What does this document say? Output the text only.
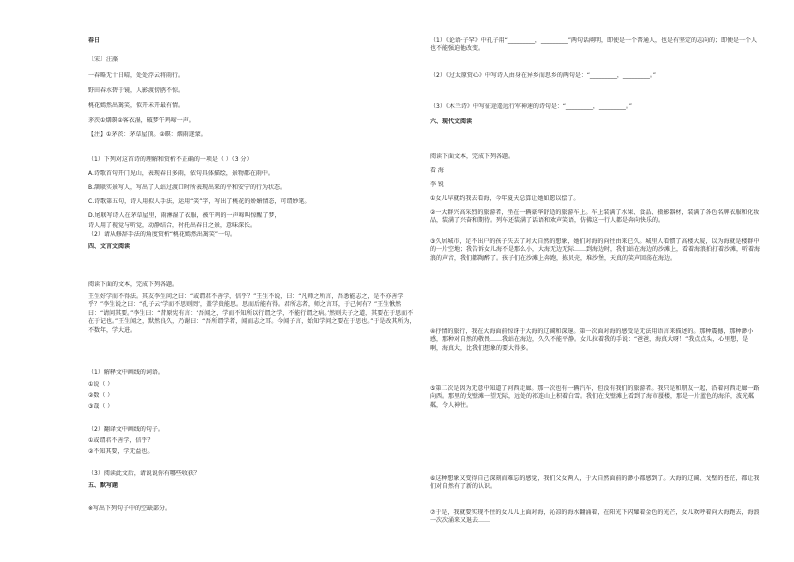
春日
〔宋〕汪藻
一春略无十日晴，处处浮云将雨行。
野田春水碧于镜，人影渡傍鸥不惊。
桃花嫣然出篱笑，似开未开最有情。
茅茨①烟暝②客衣湿，破梦午鸡啼一声。
【注】①茅茨：茅草屋顶。②暝：烟雨迷蒙。
（1）下列对这首诗的理解和赏析不正确的一项是（ ）（3 分）
A.诗歌首句开门见山，表现春日多雨，依句具体描绘，景物都在雨中。
B.颔联实景写人，写出了人站过渡口时所表现出来的平和安宁的行为状态。
C.诗歌第五句，诗人用拟人手法，运用“笑”字，写出了桃花的娇媚情态，可谓妙笔。
D.尾联写诗人在茅草屋里，雨淋湿了衣服，被午鸡的一声啼叫惊醒了梦，
诗人用了视觉与听觉，动静结合，衬托出春日之景，意味深长。
（2）请从修辞手法的角度赏析“桃花嫣然出篱笑”一句。
四、文言文阅读
阅读下面的文本，完成下列各题。
王生好学而不得法。其友李生问之曰：“或谓君不善学，信乎？”王生不说，曰：“凡师之所言，吾悉能志之，是不亦善学乎？”李生说之曰：“孔子云‘学而不思则罔’，盖学贵能思。思而后能有得。君所志者，师之言耳，于己何有？”王生愀然曰：“请问其要。”李生曰：“昔原宪有言：‘吾闻之，学而不知所以行谓之学，不能行谓之病。’然则夫子之道，其要在于思而不在于记也。”王生闻之，默然良久，乃谢曰：“吾所谓学者，闻而志之耳。今闻子言，始知学问之要在于思也。”于是改其所为，不数年，学大进。
（1）解释文中画线的词语。
①说（ ）
②数（ ）
③哉（ ）
（2）翻译文中画线的句子。
①或谓君不善学，信乎？
②不知其要，学无益也。
（3）阅读此文后，请说说你有哪些收获？
五、默写题
※写出下列句子中的空缺部分。
（1）《论语·子罕》中孔子用“_________，_________”两句话阐明，即使是一个普通人，也是有坚定的志向的；即便是一个人也不能强迫他改变。
（2）《过太原赏心》中写诗人由身在异乡而思乡的两句是：“_________，_________。”
（3）《木兰诗》中写征途遥远行军神速的诗句是：“_________，_________。”
六、现代文阅读
阅读下面文本，完成下列各题。
看 海
李 锐
①女儿早就约我去看海，今年夏天总算让她如愿以偿了。
②一大群兴高采烈的旅游者，坐在一辆豪华舒适的旅游车上。车上装满了水果、食品、摄影器材，装满了各色名牌衣服和化妆品，装满了兴奋和期待。列车还装满了话语和欢声笑语，仿佛这一行人都是奔向快乐的。
③久居城市，足不出户的孩子失去了对大自然的想象，她们对海的向往由来已久。城里人看惯了高楼大厦，以为海就是楼群中的一片空地；我告诉女儿海不是那么小，大海无边无际……到海边时，我们站在海边的沙滩上，看着海浪拍打着沙滩，听着海浪的声音，我们都陶醉了。孩子们在沙滩上奔跑，拣贝壳，堆沙堡，天真的笑声回荡在海边。
④抒情的旅行，我在大海面前惊讶于大海的辽阔和深邃。第一次面对海的感受是无法用语言来描述的。那种震撼，那种渺小感，那种对自然的敬畏……我站在海边，久久不能平静。女儿拉着我的手说：“爸爸，海真大呀！”我点点头，心里想，是啊，海真大，比我们想象的要大得多。
⑤第二次是因为无意中知道了河西走廊。那一次也有一辆汽车，但没有我们的旅游者。我只是和朋友一起，沿着河西走廊一路向西。那里的戈壁滩一望无际，远处的祁连山上积着白雪。我们在戈壁滩上看到了海市蜃楼，那是一片蓝色的海洋，波光粼粼，令人神往。
⑥这种想象又变得自己深刻而难忘的感觉，我们父女两人，于大自然面前的渺小都感到了。大海的辽阔、戈壁的苍茫，都让我们对自然有了新的认识。
⑦于是，我就要实现不住的女儿儿上面对海，沁凉的海水翻涌着，在阳光下闪耀着金色的光芒，女儿欢呼着向大海跑去，海浪一次次涌来又退去……
